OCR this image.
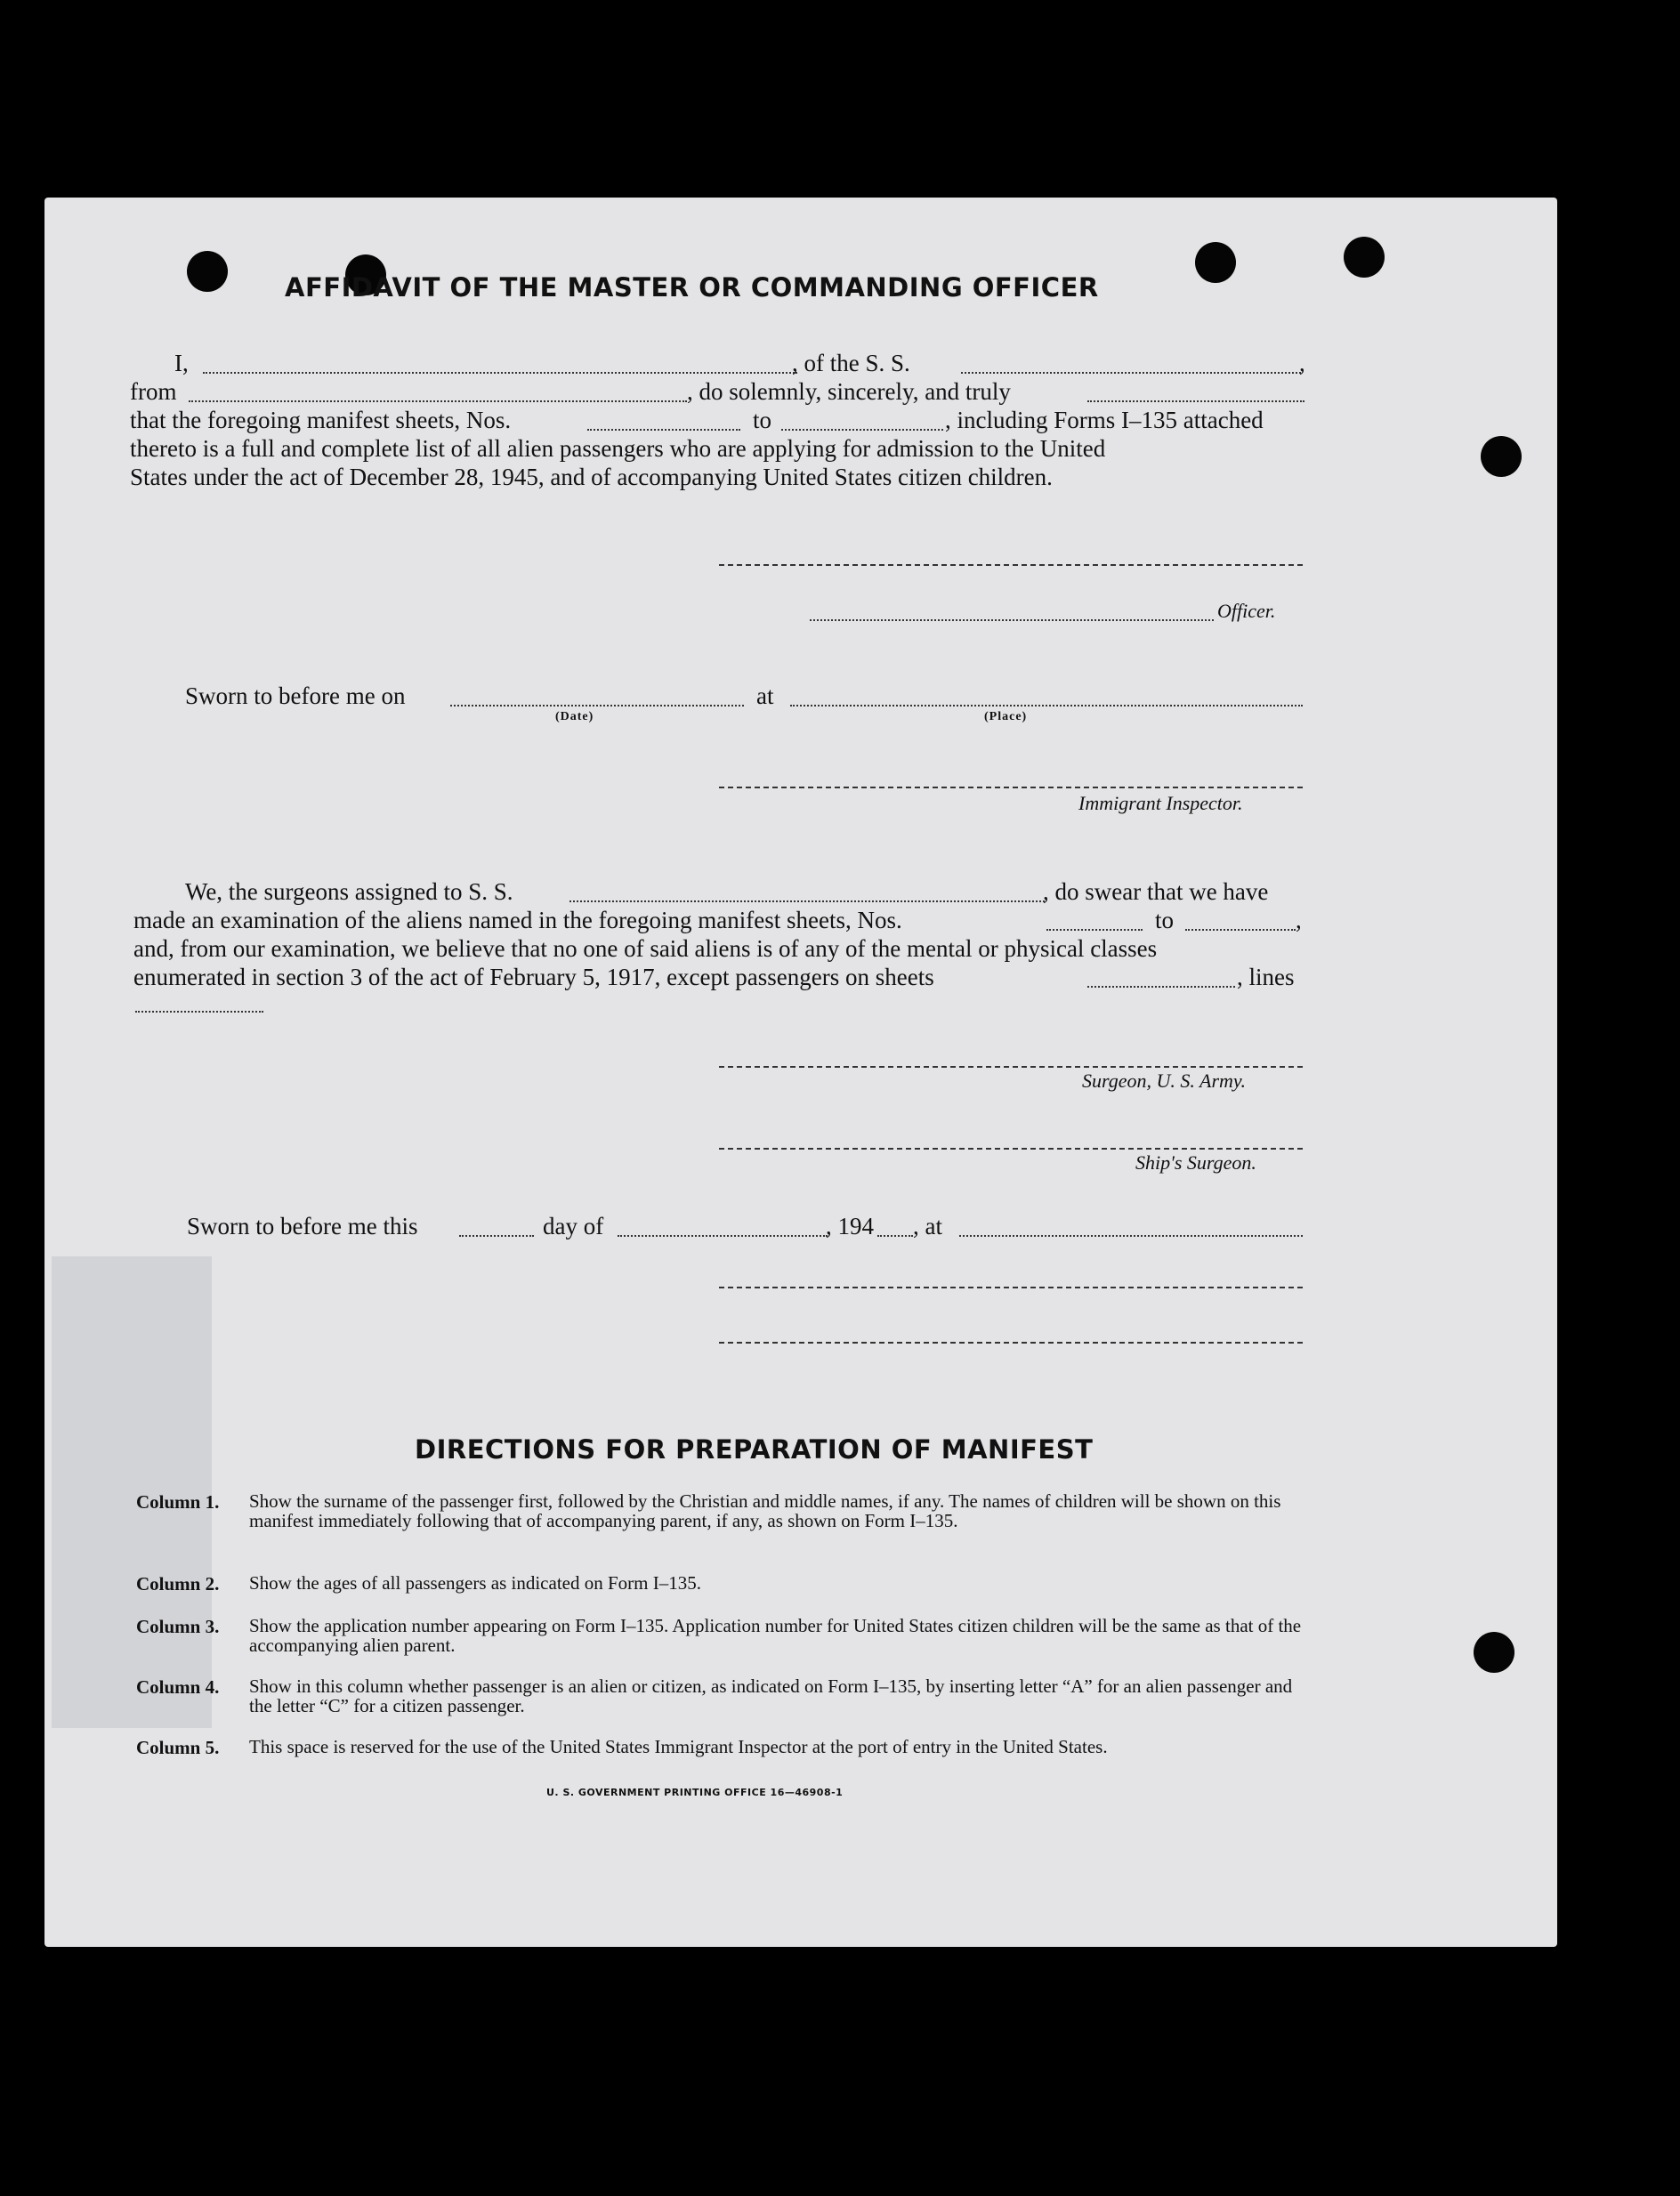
AFFIDAVIT OF THE MASTER OR COMMANDING OFFICER
I,	, of the S. S.	,
from	, do solemnly, sincerely, and truly
that the foregoing manifest sheets, Nos.	to	, including Forms I–135 attached
thereto is a full and complete list of all alien passengers who are applying for admission to the United
States under the act of December 28, 1945, and of accompanying United States citizen children.
Officer.
Sworn to before me on	at
(Date)	(Place)
Immigrant Inspector.
We, the surgeons assigned to S. S.	, do swear that we have
made an examination of the aliens named in the foregoing manifest sheets, Nos.	to	,
and, from our examination, we believe that no one of said aliens is of any of the mental or physical classes
enumerated in section 3 of the act of February 5, 1917, except passengers on sheets	, lines
Surgeon, U. S. Army.
Ship's Surgeon.
Sworn to before me this	day of	, 194 , at
DIRECTIONS FOR PREPARATION OF MANIFEST
Column 1. Show the surname of the passenger first, followed by the Christian and middle names, if any. The names of children will be shown on this manifest immediately following that of accompanying parent, if any, as shown on Form I–135.
Column 2. Show the ages of all passengers as indicated on Form I–135.
Column 3. Show the application number appearing on Form I–135. Application number for United States citizen children will be the same as that of the accompanying alien parent.
Column 4. Show in this column whether passenger is an alien or citizen, as indicated on Form I–135, by inserting letter “A” for an alien passenger and the letter “C” for a citizen passenger.
Column 5. This space is reserved for the use of the United States Immigrant Inspector at the port of entry in the United States.
U. S. GOVERNMENT PRINTING OFFICE 16—46908-1
